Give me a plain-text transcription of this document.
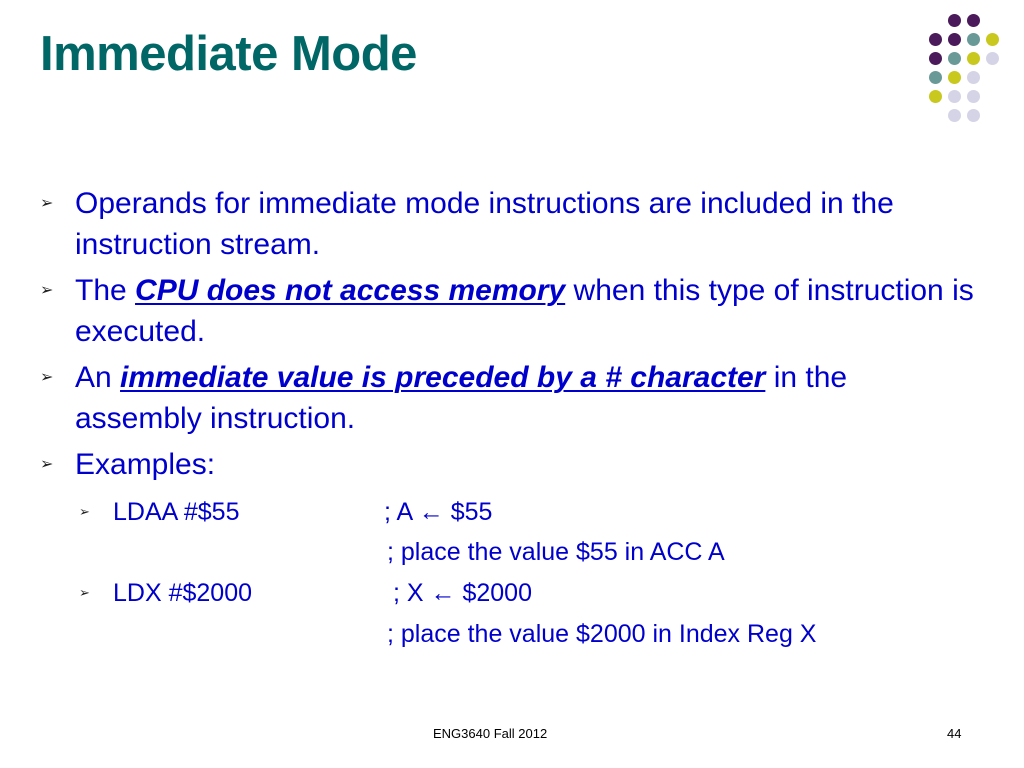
Immediate Mode
➢ Operands for immediate mode instructions are included in the instruction stream.
➢ The CPU does not access memory when this type of instruction is executed.
➢ An immediate value is preceded by a # character in the assembly instruction.
➢ Examples:
➢ LDAA #$55	; A ← $55
; place the value $55 in ACC A
➢ LDX #$2000	; X ← $2000
; place the value $2000 in Index Reg X
ENG3640 Fall 2012	44
